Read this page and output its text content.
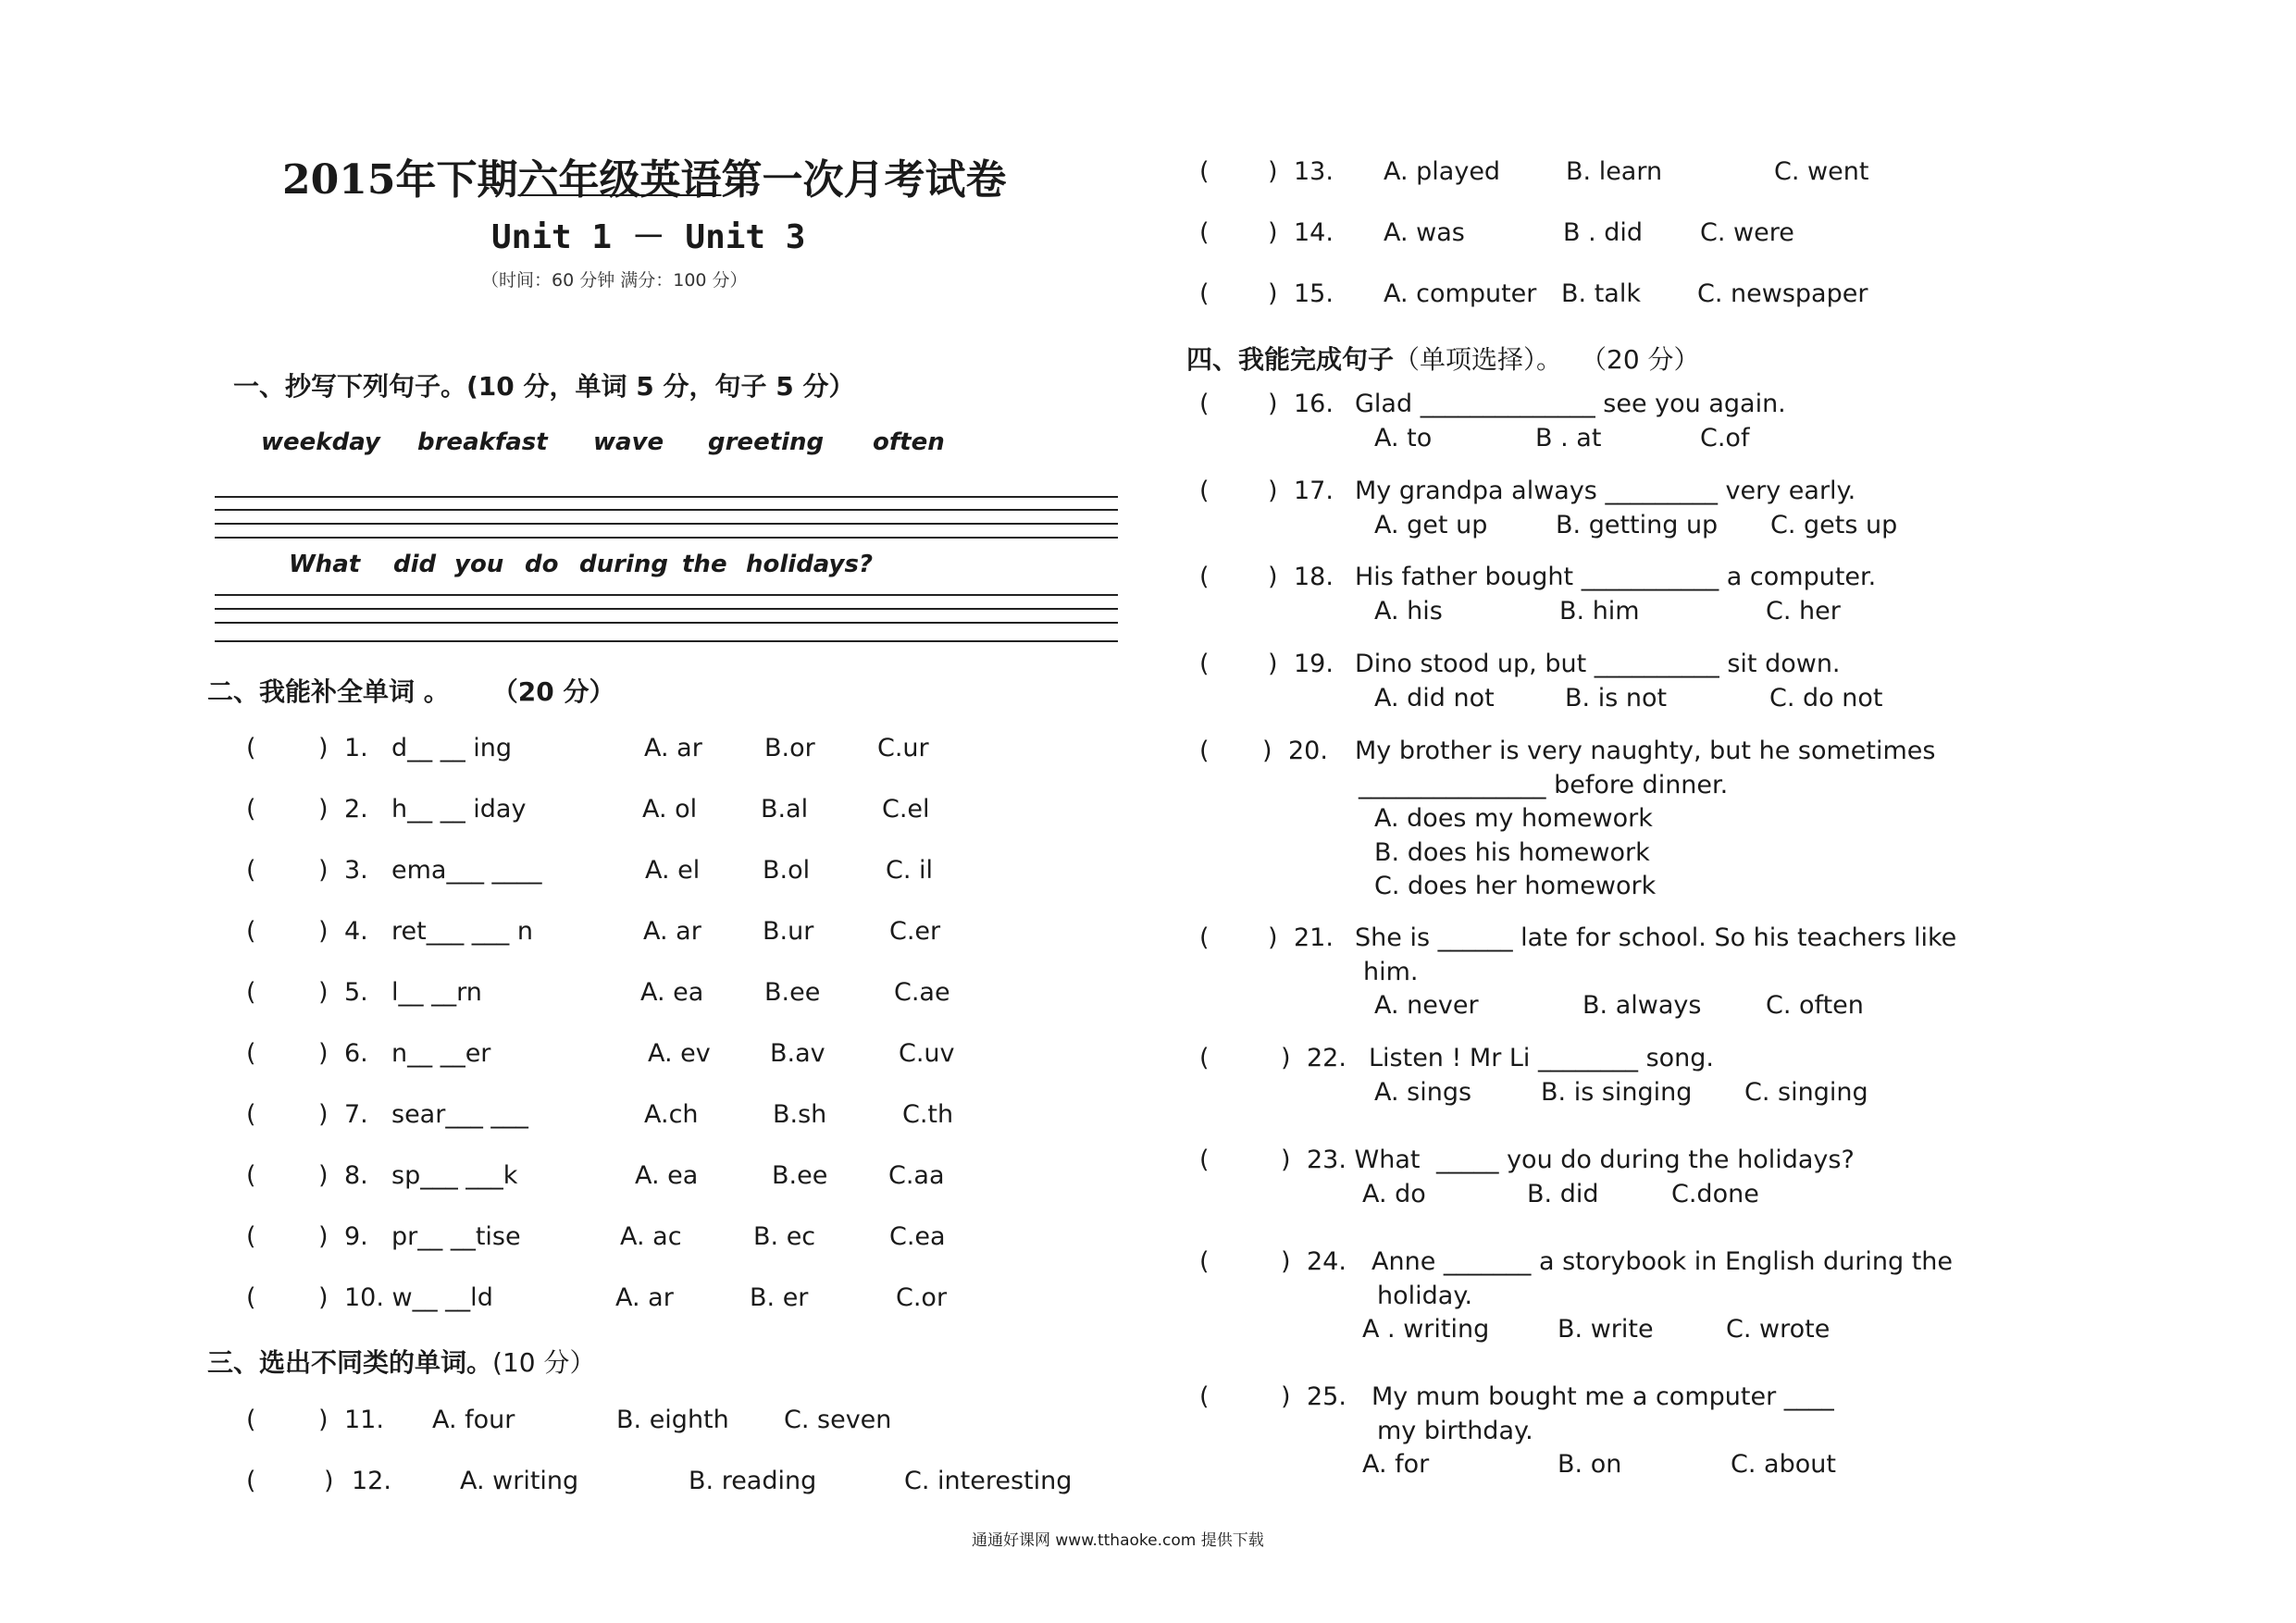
2015年下期六年级英语第一次月考试卷
Unit 1 － Unit 3
（时间：60 分钟 满分：100 分）
一、抄写下列句子。(10 分，单词 5 分，句子 5 分）
weekday breakfast wave greeting often
What did you do during the holidays?
二、我能补全单词 。 （20 分）
( ) 1. d__ __ ing	A. ar B.or C.ur
( ) 2. h__ __ iday	A. ol	B.al	C.el
( ) 3. ema___ ____	A. el	B.ol	C. il
( ) 4. ret___ ___ n	A. ar B.ur	C.er
( ) 5. l__ __rn	A. ea B.ee	C.ae
( ) 6. n__ __er	A. ev B.av	C.uv
( ) 7. sear___ ___	A.ch	B.sh	C.th
( ) 8. sp___ ___k	A. ea	B.ee C.aa
( ) 9. pr__ __tise	A. ac	B. ec	C.ea
( ) 10. w__ __ld	A. ar	B. er	C.or
三、选出不同类的单词。(10 分）
( ) 11. A. four	B. eighth C. seven
(	) 12.	A. writing	B. reading	C. interesting
( ) 13. A. played	B. learn	C. went
( ) 14. A. was	B . did C. were
( ) 15. A. computer B. talk C. newspaper
四、我能完成句子（单项选择）。 （20 分）
( ) 16. Glad ______________ see you again.
A. to	B . at	C.of
( ) 17. My grandpa always _________ very early.
A. get up	B. getting up C. gets up
( ) 18. His father bought ___________ a computer.
A. his	B. him	C. her
( ) 19. Dino stood up, but __________ sit down.
A. did not	B. is not	C. do not
( ) 20. My brother is very naughty, but he sometimes
_______________ before dinner.
A. does my homework
B. does his homework
C. does her homework
( ) 21. She is ______ late for school. So his teachers like
him.
A. never	B. always	C. often
(	) 22. Listen ! Mr Li ________ song.
A. sings	B. is singing C. singing
(	) 23. What _____ you do during the holidays?
A. do	B. did	C.done
(	) 24. Anne _______ a storybook in English during the
holiday.
A . writing	B. write	C. wrote
(	) 25. My mum bought me a computer ____
my birthday.
A. for	B. on	C. about
通通好课网 www.tthaoke.com 提供下载
